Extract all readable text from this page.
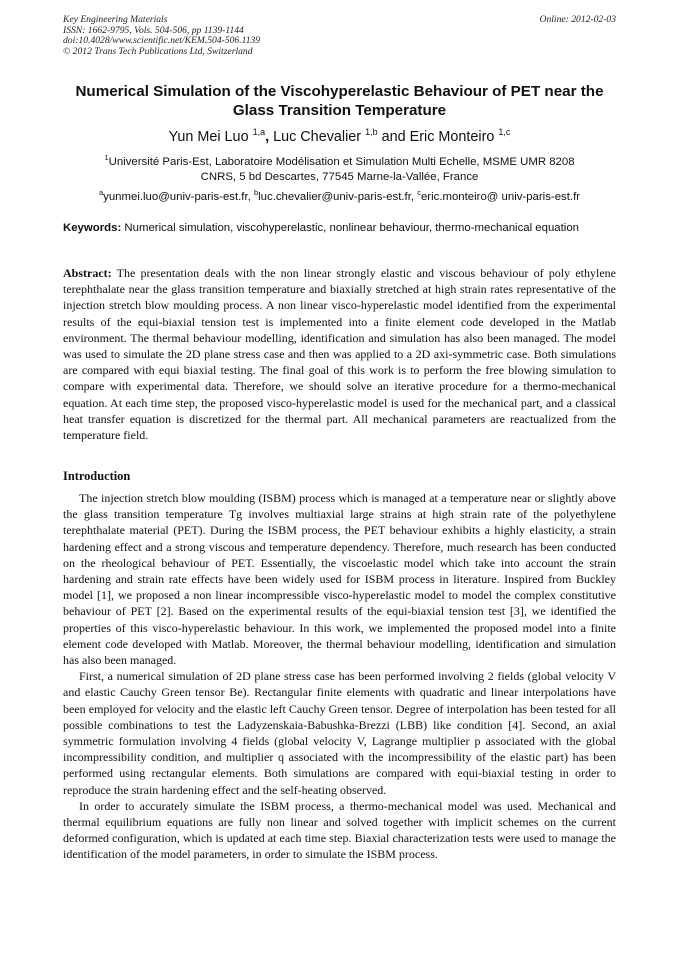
Key Engineering Materials
ISSN: 1662-9795, Vols. 504-506, pp 1139-1144
doi:10.4028/www.scientific.net/KEM.504-506.1139
© 2012 Trans Tech Publications Ltd, Switzerland
Online: 2012-02-03
Numerical Simulation of the Viscohyperelastic Behaviour of PET near the Glass Transition Temperature
Yun Mei Luo $^{1,a}$, Luc Chevalier $^{1,b}$ and Eric Monteiro $^{1,c}$
$^1$Université Paris-Est, Laboratoire Modélisation et Simulation Multi Echelle, MSME UMR 8208
CNRS, 5 bd Descartes, 77545 Marne-la-Vallée, France
$^a$yunmei.luo@univ-paris-est.fr, $^b$luc.chevalier@univ-paris-est.fr, $^c$eric.monteiro@ univ-paris-est.fr
Keywords: Numerical simulation, viscohyperelastic, nonlinear behaviour, thermo-mechanical equation
Abstract: The presentation deals with the non linear strongly elastic and viscous behaviour of poly ethylene terephthalate near the glass transition temperature and biaxially stretched at high strain rates representative of the injection stretch blow moulding process. A non linear visco-hyperelastic model identified from the experimental results of the equi-biaxial tension test is implemented into a finite element code developed in the Matlab environment. The thermal behaviour modelling, identification and simulation has also been managed. The model was used to simulate the 2D plane stress case and then was applied to a 2D axi-symmetric case. Both simulations are compared with equi biaxial testing. The final goal of this work is to perform the free blowing simulation to compare with experimental data. Therefore, we should solve an iterative procedure for a thermo-mechanical equation. At each time step, the proposed visco-hyperelastic model is used for the mechanical part, and a classical heat transfer equation is discretized for the thermal part. All mechanical parameters are reactualized from the temperature field.
Introduction

The injection stretch blow moulding (ISBM) process which is managed at a temperature near or slightly above the glass transition temperature Tg involves multiaxial large strains at high strain rate of the polyethylene terephthalate material (PET). During the ISBM process, the PET behaviour exhibits a highly elasticity, a strain hardening effect and a strong viscous and temperature dependency. Therefore, much research has been conducted on the rheological behaviour of PET. Essentially, the viscoelastic model which take into account the strain hardening and strain rate effects have been widely used for ISBM process in literature. Inspired from Buckley model [1], we proposed a non linear incompressible visco-hyperelastic model to model the complex constitutive behaviour of PET [2]. Based on the experimental results of the equi-biaxial tension test [3], we identified the properties of this visco-hyperelastic behaviour. In this work, we implemented the proposed model into a finite element code developed with Matlab. Moreover, the thermal behaviour modelling, identification and simulation has also been managed.

First, a numerical simulation of 2D plane stress case has been performed involving 2 fields (global velocity V and elastic Cauchy Green tensor Be). Rectangular finite elements with quadratic and linear interpolations have been employed for velocity and the elastic left Cauchy Green tensor. Degree of interpolation has been tested for all possible combinations to test the Ladyzenskaia-Babushka-Brezzi (LBB) like condition [4]. Second, an axial symmetric formulation involving 4 fields (global velocity V, Lagrange multiplier p associated with the global incompressibility condition, and multiplier q associated with the incompressibility of the elastic part) has been performed using rectangular elements. Both simulations are compared with equi-biaxial testing in order to reproduce the strain hardening effect and the self-heating observed.

In order to accurately simulate the ISBM process, a thermo-mechanical model was used. Mechanical and thermal equilibrium equations are fully non linear and solved together with implicit schemes on the current deformed configuration, which is updated at each time step. Biaxial characterization tests were used to manage the identification of the model parameters, in order to simulate the ISBM process.
